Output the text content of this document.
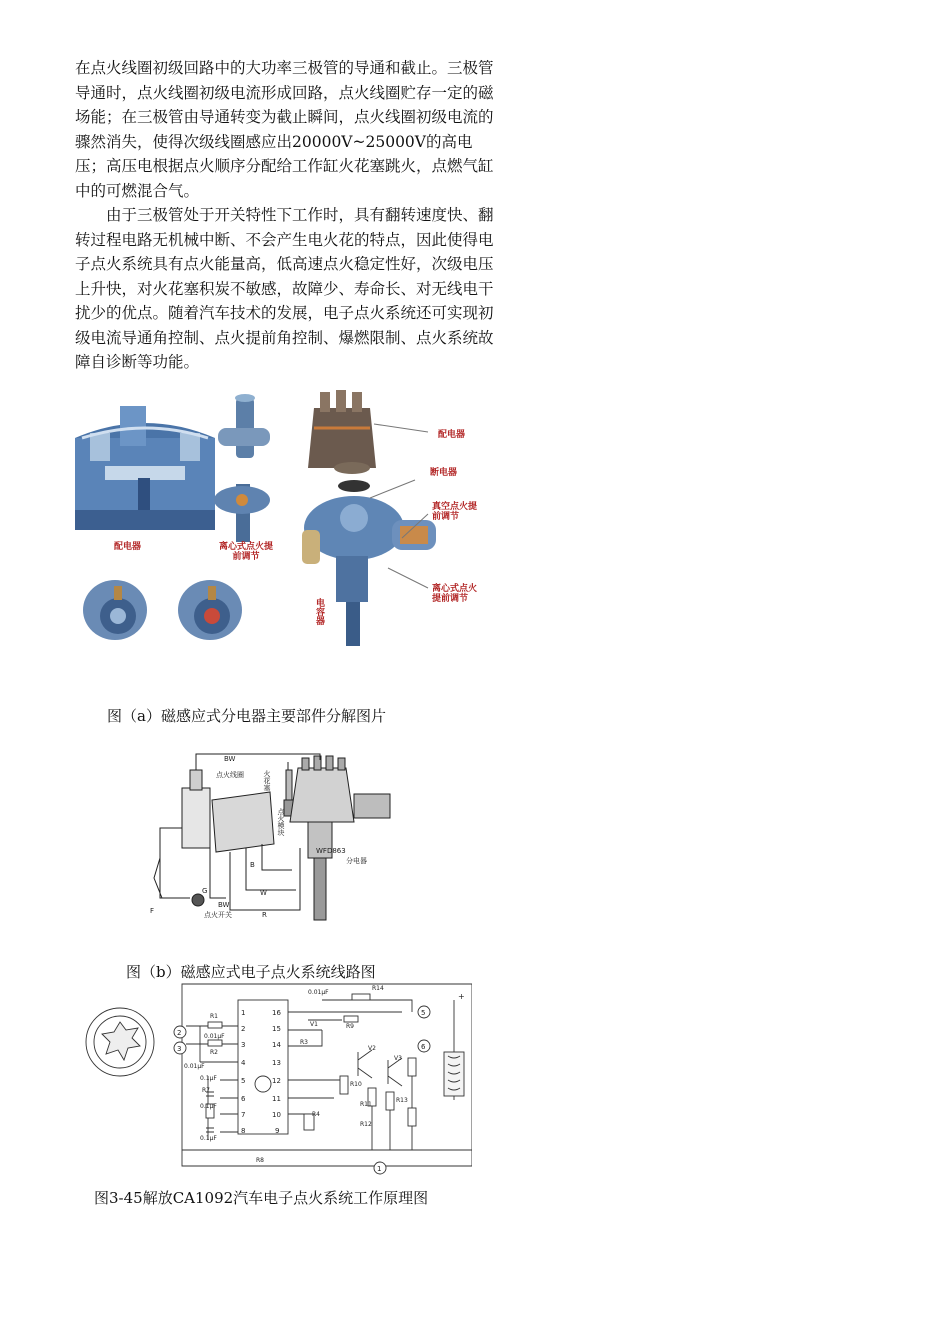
在点火线圈初级回路中的大功率三极管的导通和截止。三极管导通时，点火线圈初级电流形成回路，点火线圈贮存一定的磁场能；在三极管由导通转变为截止瞬间，点火线圈初级电流的骤然消失，使得次级线圈感应出20000V~25000V的高电压；高压电根据点火顺序分配给工作缸火花塞跳火，点燃气缸中的可燃混合气。

由于三极管处于开关特性下工作时，具有翻转速度快、翻转过程电路无机械中断、不会产生电火花的特点，因此使得电子点火系统具有点火能量高，低高速点火稳定性好，次级电压上升快，对火花塞积炭不敏感，故障少、寿命长、对无线电干扰少的优点。随着汽车技术的发展，电子点火系统还可实现初级电流导通角控制、点火提前角控制、爆燃限制、点火系统故障自诊断等功能。

配电器	离心式点火提前调节
配电器
断电器
真空点火提前调节
离心式点火提前调节
电容器
图（a）磁感应式分电器主要部件分解图片
BW
点火线圈	火花塞
点火模块
WFD863
分电器
B
W
G
R
BW
点火开关
F
图（b）磁感应式电子点火系统线路图
2
3
5
6
1
+
1
2
3
4
5
6
7
8
16
15
14
13
12
11
10
9
R1
R2
0.01μF
0.01μF
0.01μF
0.1μF
0.1μF
0.1μF
R7
R3
R4
R8
R9
R10
R11
R12
R13
R14
V1
V2
V3
图3-45解放CA1092汽车电子点火系统工作原理图
